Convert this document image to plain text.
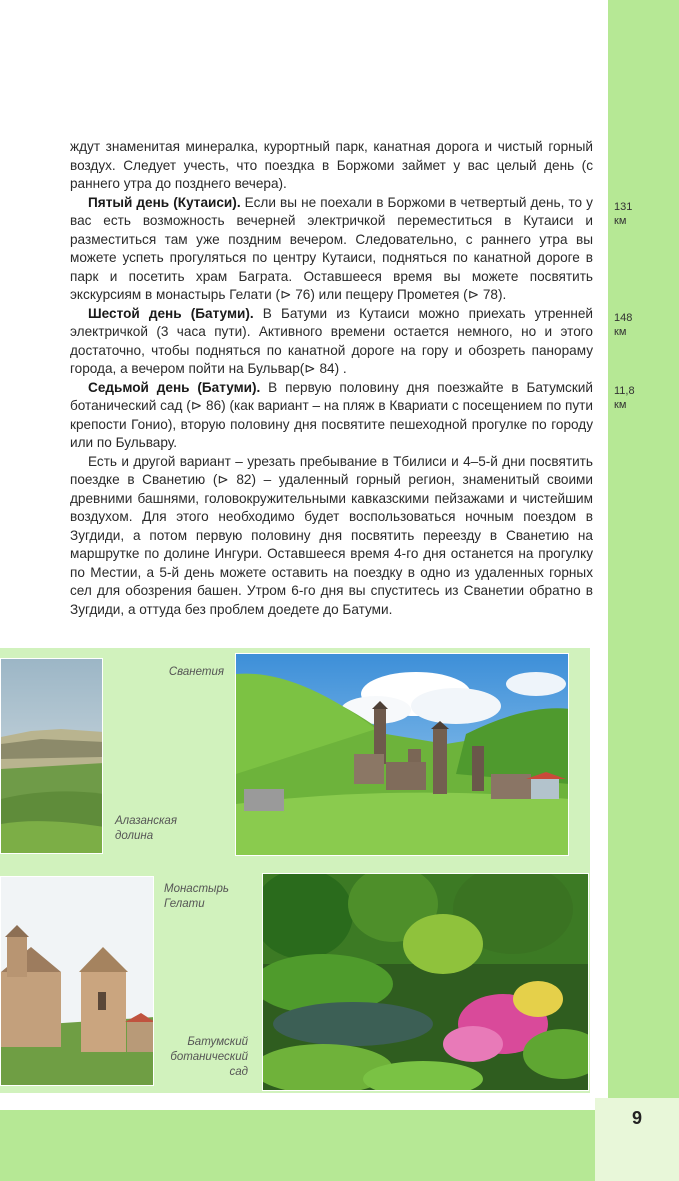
ждут знаменитая минералка, курортный парк, канатная дорога и чистый горный воздух. Следует учесть, что поездка в Боржоми займет у вас целый день (с раннего утра до позднего вечера).

Пятый день (Кутаиси). Если вы не поехали в Боржоми в четвертый день, то у вас есть возможность вечерней электричкой переместиться в Кутаиси и разместиться там уже поздним вечером. Следовательно, с раннего утра вы можете успеть прогуляться по центру Кутаиси, подняться по канатной дороге в парк и посетить храм Баграта. Оставшееся время вы можете посвятить экскурсиям в монастырь Гелати (⊳ 76) или пещеру Прометея (⊳ 78).

Шестой день (Батуми). В Батуми из Кутаиси можно приехать утренней электричкой (3 часа пути). Активного времени остается немного, но и этого достаточно, чтобы подняться по канатной дороге на гору и обозреть панораму города, а вечером пойти на Бульвар(⊳ 84) .

Седьмой день (Батуми). В первую половину дня поезжайте в Батумский ботанический сад (⊳ 86) (как вариант – на пляж в Квариати с посещением по пути крепости Гонио), вторую половину дня посвятите пешеходной прогулке по городу или по Бульвару.

Есть и другой вариант – урезать пребывание в Тбилиси и 4–5-й дни посвятить поездке в Сванетию (⊳ 82) – удаленный горный регион, знаменитый своими древними башнями, головокружительными кавказскими пейзажами и чистейшим воздухом. Для этого необходимо будет воспользоваться ночным поездом в Зугдиди, а потом первую половину дня посвятить переезду в Сванетию на маршрутке по долине Ингури. Оставшееся время 4-го дня останется на прогулку по Местии, а 5-й день можете оставить на поездку в одно из удаленных горных сел для обозрения башен. Утром 6-го дня вы спуститесь из Сванетии обратно в Зугдиди, а оттуда без проблем доедете до Батуми.

131
км
148
км
11,8
км
Алазанская
долина
Сванетия
Монастырь
Гелати
Батумский
ботанический
сад
9
